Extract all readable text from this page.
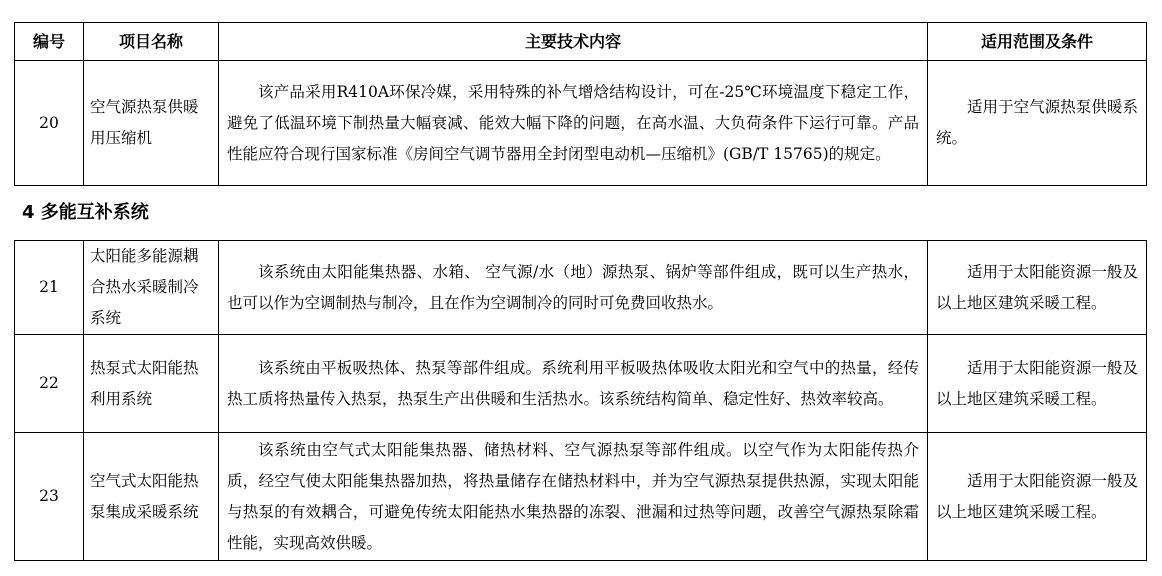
编号	项目名称	主要技术内容	适用范围及条件
20	空气源热泵供暖用压缩机	该产品采用R410A环保冷媒，采用特殊的补气增焓结构设计，可在-25℃环境温度下稳定工作，避免了低温环境下制热量大幅衰减、能效大幅下降的问题，在高水温、大负荷条件下运行可靠。产品性能应符合现行国家标准《房间空气调节器用全封闭型电动机—压缩机》(GB/T 15765)的规定。	适用于空气源热泵供暖系统。
4 多能互补系统
21	太阳能多能源耦合热水采暖制冷系统	该系统由太阳能集热器、水箱、 空气源/水（地）源热泵、锅炉等部件组成，既可以生产热水，也可以作为空调制热与制冷，且在作为空调制冷的同时可免费回收热水。	适用于太阳能资源一般及以上地区建筑采暖工程。
22	热泵式太阳能热利用系统	该系统由平板吸热体、热泵等部件组成。系统利用平板吸热体吸收太阳光和空气中的热量，经传热工质将热量传入热泵，热泵生产出供暖和生活热水。该系统结构简单、稳定性好、热效率较高。	适用于太阳能资源一般及以上地区建筑采暖工程。
23	空气式太阳能热泵集成采暖系统	该系统由空气式太阳能集热器、储热材料、空气源热泵等部件组成。以空气作为太阳能传热介质，经空气使太阳能集热器加热，将热量储存在储热材料中，并为空气源热泵提供热源，实现太阳能与热泵的有效耦合，可避免传统太阳能热水集热器的冻裂、泄漏和过热等问题，改善空气源热泵除霜性能，实现高效供暖。	适用于太阳能资源一般及以上地区建筑采暖工程。
